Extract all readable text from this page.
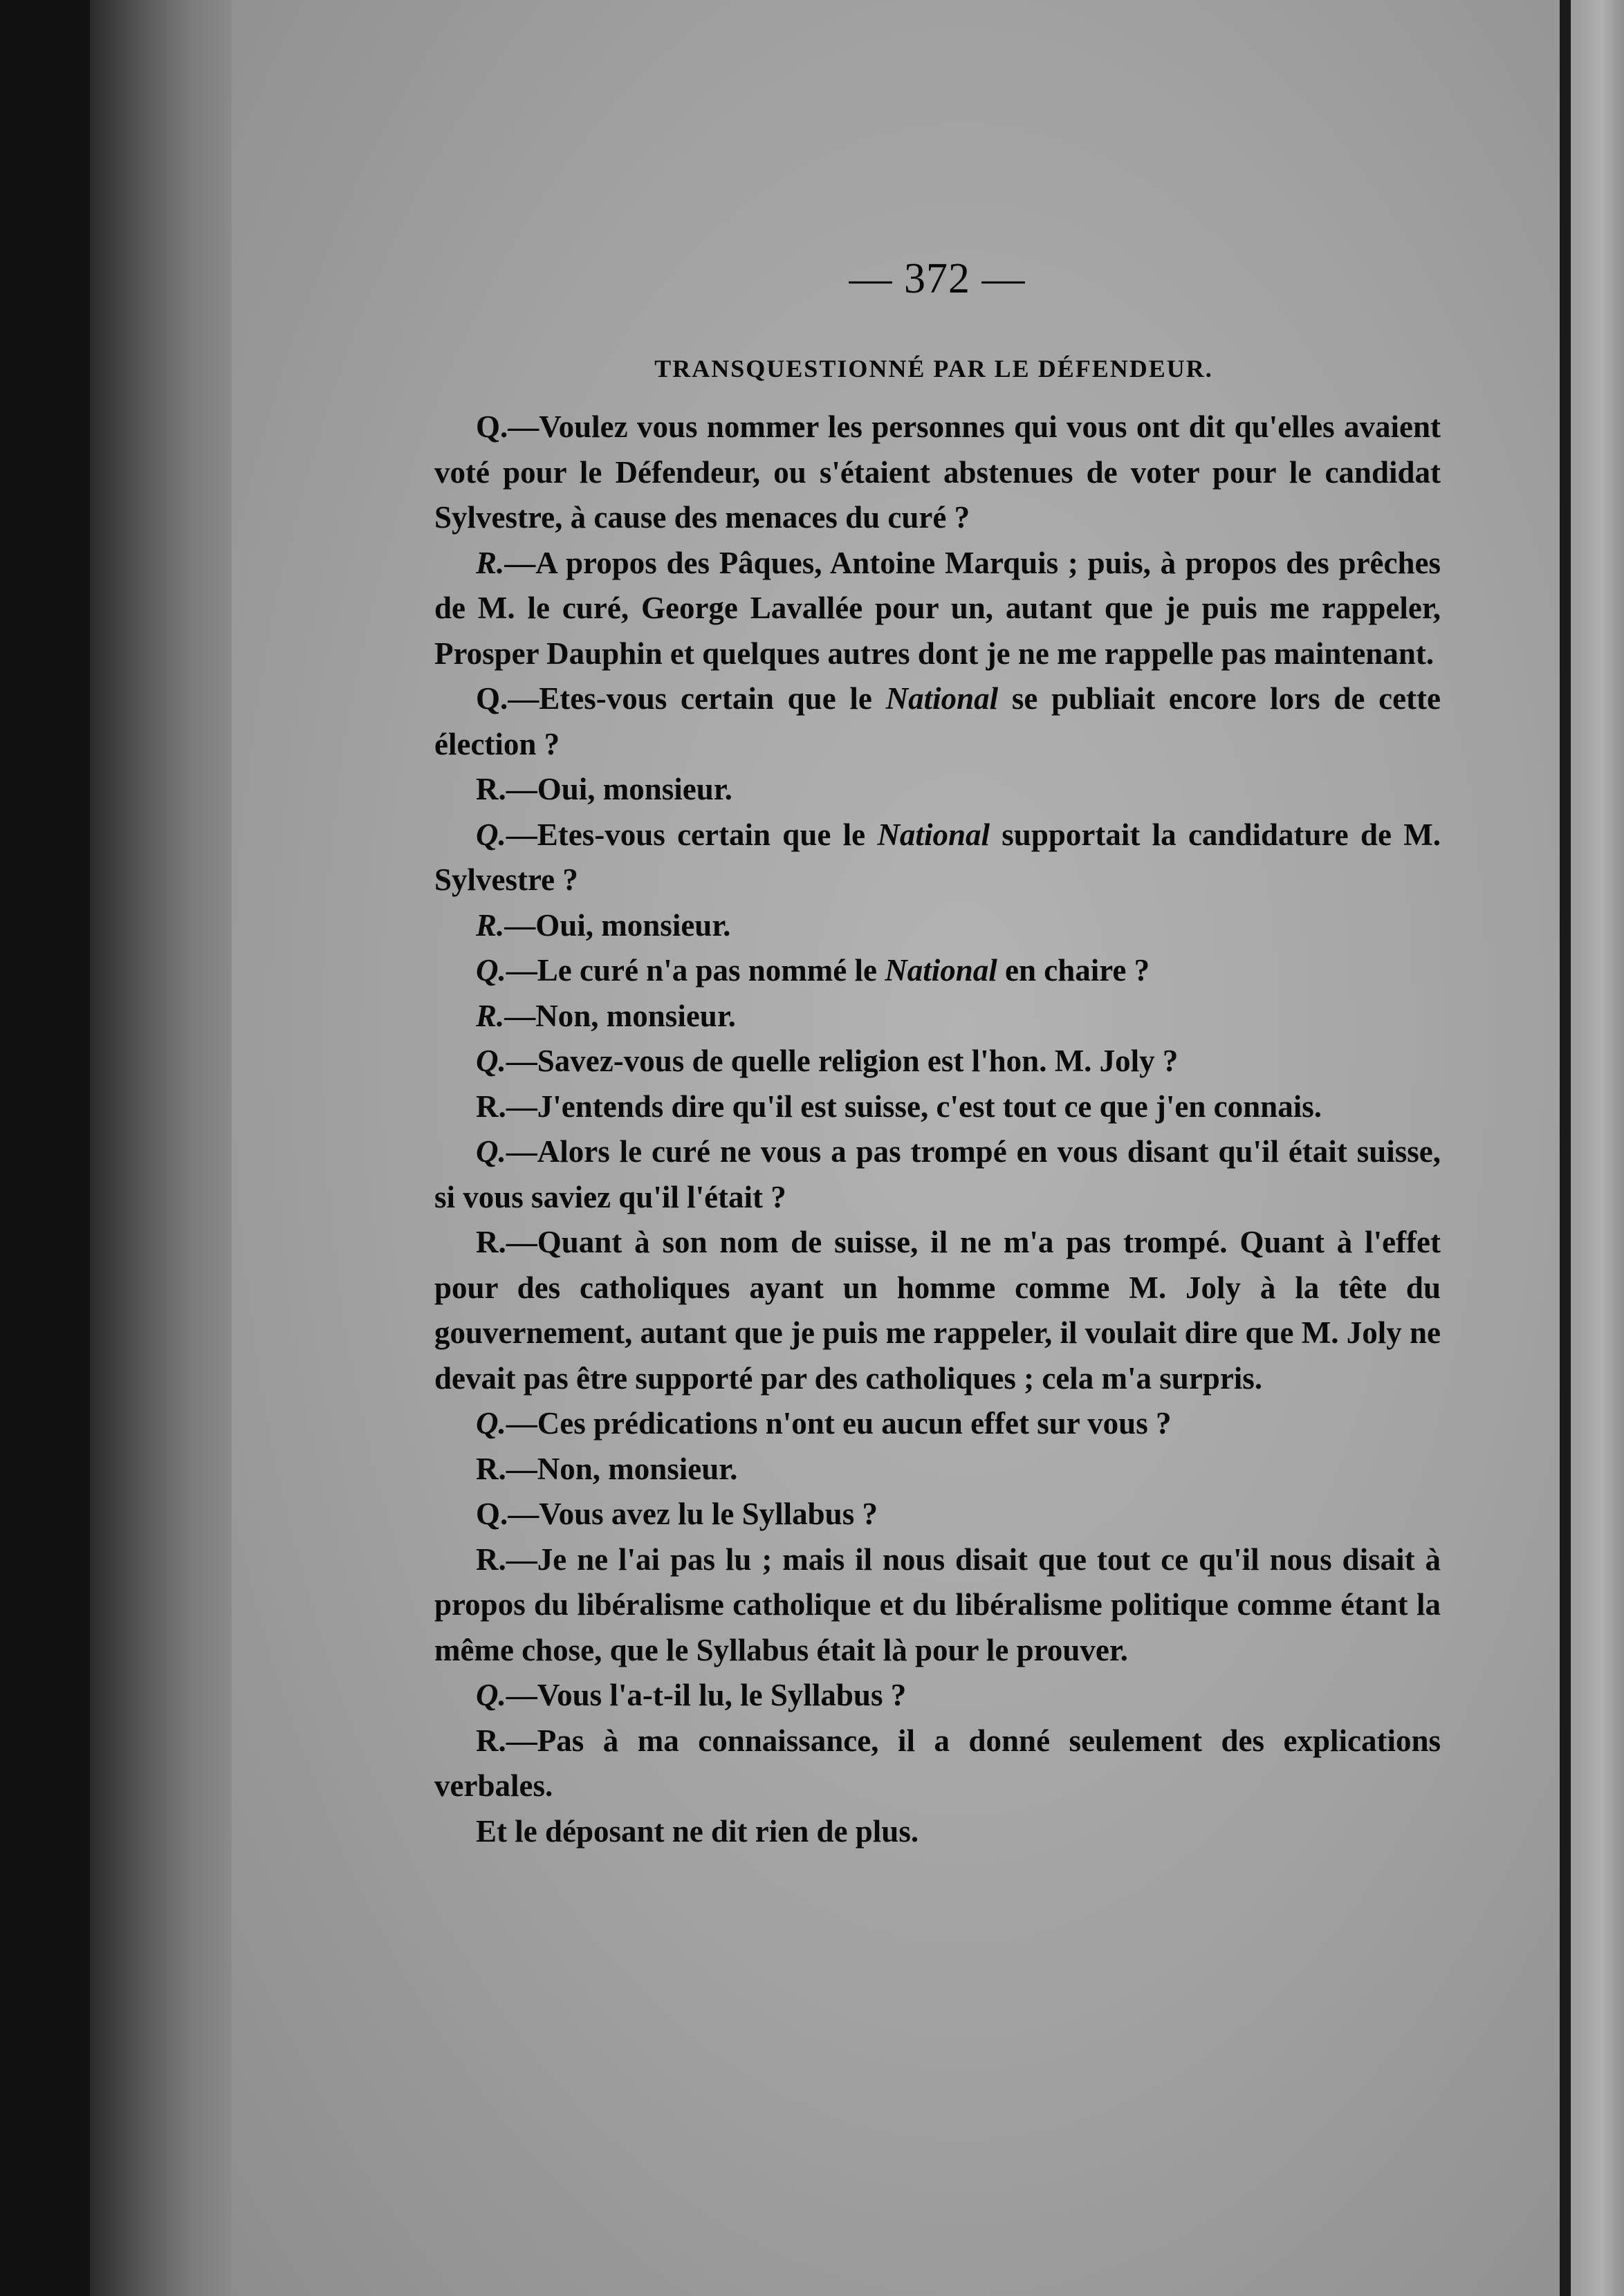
— 372 —
TRANSQUESTIONNÉ PAR LE DÉFENDEUR.

Q.—Voulez vous nommer les personnes qui vous ont dit qu'elles avaient voté pour le Défendeur, ou s'étaient abstenues de voter pour le candidat Sylvestre, à cause des menaces du curé ?

R.—A propos des Pâques, Antoine Marquis ; puis, à propos des prêches de M. le curé, George Lavallée pour un, autant que je puis me rappeler, Prosper Dauphin et quelques autres dont je ne me rappelle pas maintenant.

Q.—Etes-vous certain que le National se publiait encore lors de cette élection ?

R.—Oui, monsieur.

Q.—Etes-vous certain que le National supportait la candidature de M. Sylvestre ?

R.—Oui, monsieur.

Q.—Le curé n'a pas nommé le National en chaire ?

R.—Non, monsieur.

Q.—Savez-vous de quelle religion est l'hon. M. Joly ?

R.—J'entends dire qu'il est suisse, c'est tout ce que j'en connais.

Q.—Alors le curé ne vous a pas trompé en vous disant qu'il était suisse, si vous saviez qu'il l'était ?

R.—Quant à son nom de suisse, il ne m'a pas trompé. Quant à l'effet pour des catholiques ayant un homme comme M. Joly à la tête du gouvernement, autant que je puis me rappeler, il voulait dire que M. Joly ne devait pas être supporté par des catholiques ; cela m'a surpris.

Q.—Ces prédications n'ont eu aucun effet sur vous ?

R.—Non, monsieur.

Q.—Vous avez lu le Syllabus ?

R.—Je ne l'ai pas lu ; mais il nous disait que tout ce qu'il nous disait à propos du libéralisme catholique et du libéralisme politique comme étant la même chose, que le Syllabus était là pour le prouver.

Q.—Vous l'a-t-il lu, le Syllabus ?

R.—Pas à ma connaissance, il a donné seulement des explications verbales.

Et le déposant ne dit rien de plus.
